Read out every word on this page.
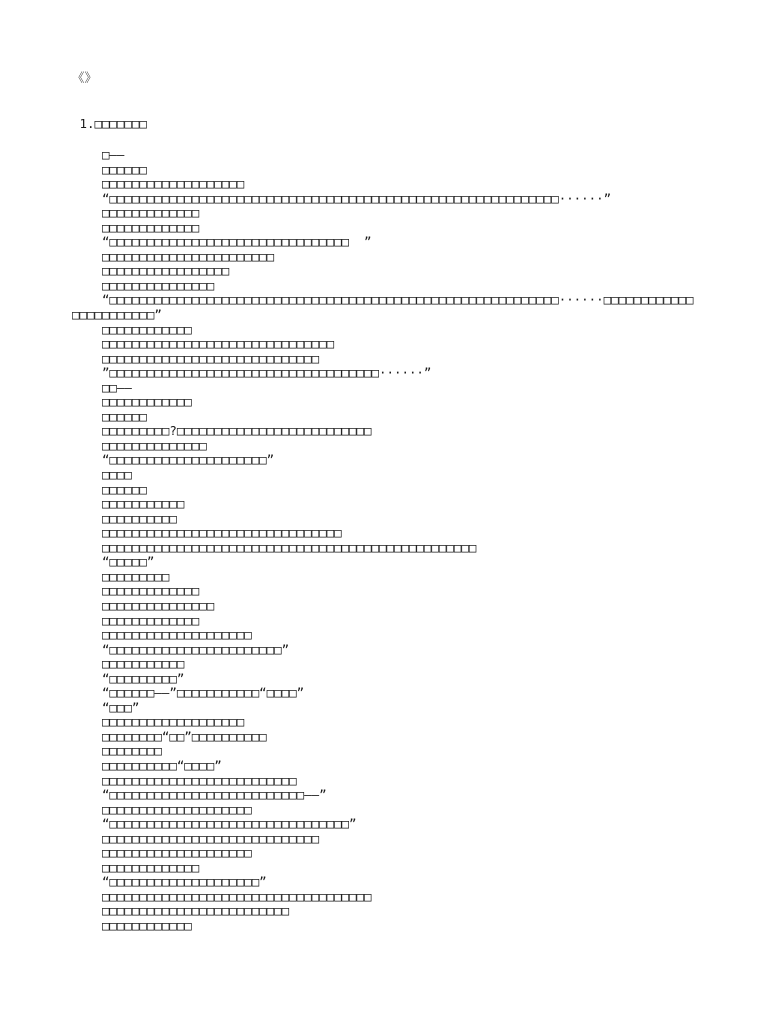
《》
1.□□□□□□□
□——
□□□□□□
□□□□□□□□□□□□□□□□□□□
“□□□□□□□□□□□□□□□□□□□□□□□□□□□□□□□□□□□□□□□□□□□□□□□□□□□□□□□□□□□□······”
□□□□□□□□□□□□□
□□□□□□□□□□□□□
“□□□□□□□□□□□□□□□□□□□□□□□□□□□□□□□□  ”
□□□□□□□□□□□□□□□□□□□□□□□
□□□□□□□□□□□□□□□□□
□□□□□□□□□□□□□□□
“□□□□□□□□□□□□□□□□□□□□□□□□□□□□□□□□□□□□□□□□□□□□□□□□□□□□□□□□□□□□······□□□□□□□□□□□□□□□□□□□□□□□”
□□□□□□□□□□□□
□□□□□□□□□□□□□□□□□□□□□□□□□□□□□□□
□□□□□□□□□□□□□□□□□□□□□□□□□□□□□
”□□□□□□□□□□□□□□□□□□□□□□□□□□□□□□□□□□□□······”
□□——
□□□□□□□□□□□□
□□□□□□
□□□□□□□□□?□□□□□□□□□□□□□□□□□□□□□□□□□□
□□□□□□□□□□□□□□
“□□□□□□□□□□□□□□□□□□□□□”
□□□□
□□□□□□
□□□□□□□□□□□
□□□□□□□□□□
□□□□□□□□□□□□□□□□□□□□□□□□□□□□□□□□
□□□□□□□□□□□□□□□□□□□□□□□□□□□□□□□□□□□□□□□□□□□□□□□□□□
“□□□□□”
□□□□□□□□□
□□□□□□□□□□□□□
□□□□□□□□□□□□□□□
□□□□□□□□□□□□□
□□□□□□□□□□□□□□□□□□□□
“□□□□□□□□□□□□□□□□□□□□□□□”
□□□□□□□□□□□
“□□□□□□□□□”
“□□□□□□——”□□□□□□□□□□□“□□□□”
“□□□”
□□□□□□□□□□□□□□□□□□□
□□□□□□□□“□□”□□□□□□□□□□
□□□□□□□□
□□□□□□□□□□“□□□□”
□□□□□□□□□□□□□□□□□□□□□□□□□□
“□□□□□□□□□□□□□□□□□□□□□□□□□□——”
□□□□□□□□□□□□□□□□□□□□
“□□□□□□□□□□□□□□□□□□□□□□□□□□□□□□□□”
□□□□□□□□□□□□□□□□□□□□□□□□□□□□□
□□□□□□□□□□□□□□□□□□□□
□□□□□□□□□□□□□
“□□□□□□□□□□□□□□□□□□□□”
□□□□□□□□□□□□□□□□□□□□□□□□□□□□□□□□□□□□
□□□□□□□□□□□□□□□□□□□□□□□□□
□□□□□□□□□□□□
